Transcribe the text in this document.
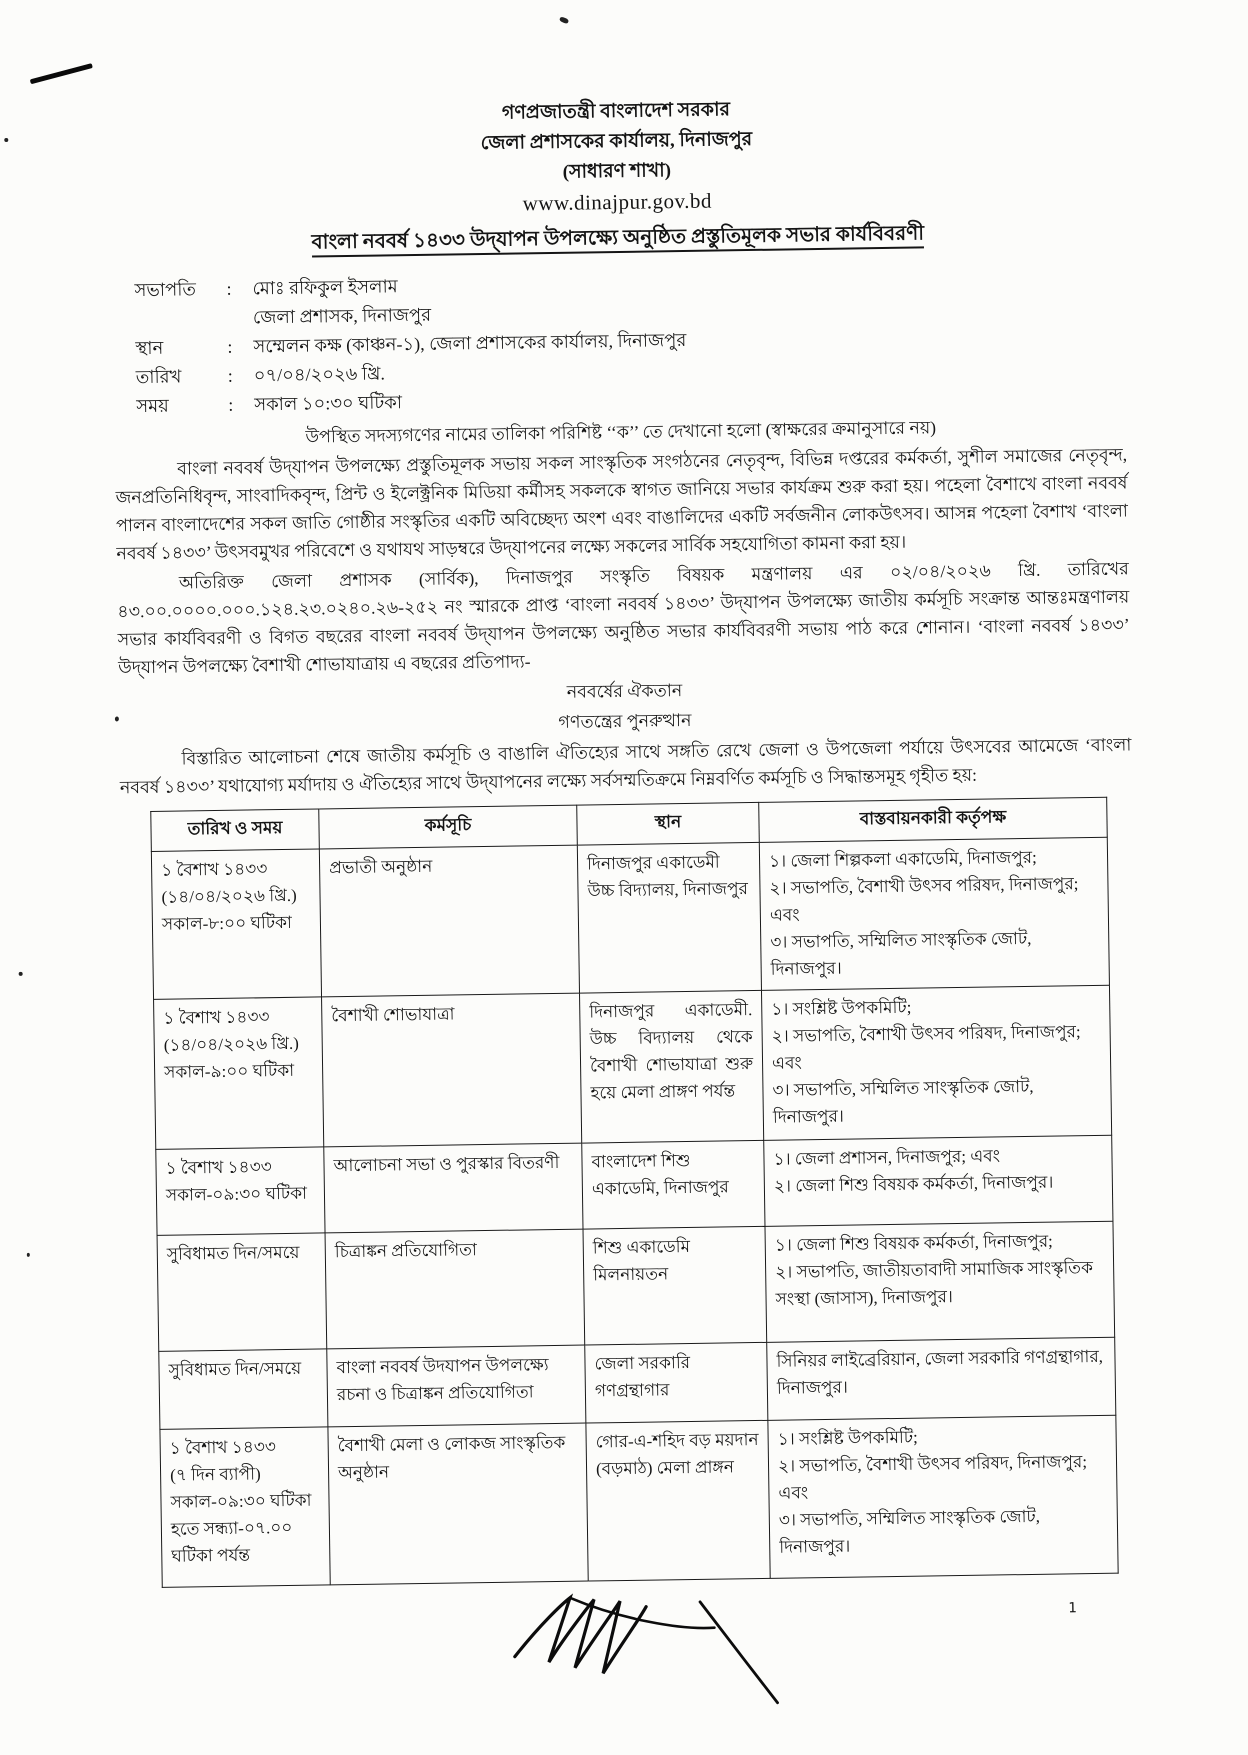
গণপ্রজাতন্ত্রী বাংলাদেশ সরকার
জেলা প্রশাসকের কার্যালয়, দিনাজপুর
(সাধারণ শাখা)
www.dinajpur.gov.bd
বাংলা নববর্ষ ১৪৩৩ উদ্‌যাপন উপলক্ষ্যে অনুষ্ঠিত প্রস্তুতিমূলক সভার কার্যবিবরণী
সভাপতি	:	মোঃ রফিকুল ইসলাম
জেলা প্রশাসক, দিনাজপুর
স্থান	:	সম্মেলন কক্ষ (কাঞ্চন-১), জেলা প্রশাসকের কার্যালয়, দিনাজপুর
তারিখ	:	০৭/০৪/২০২৬ খ্রি.
সময়	:	সকাল ১০:৩০ ঘটিকা
উপস্থিত সদস্যগণের নামের তালিকা পরিশিষ্ট ‘‘ক’’ তে দেখানো হলো (স্বাক্ষরের ক্রমানুসারে নয়)

বাংলা নববর্ষ উদ্‌যাপন উপলক্ষ্যে প্রস্তুতিমূলক সভায় সকল সাংস্কৃতিক সংগঠনের নেতৃবৃন্দ, বিভিন্ন দপ্তরের কর্মকর্তা, সুশীল সমাজের নেতৃবৃন্দ, জনপ্রতিনিধিবৃন্দ, সাংবাদিকবৃন্দ, প্রিন্ট ও ইলেক্ট্রনিক মিডিয়া কর্মীসহ সকলকে স্বাগত জানিয়ে সভার কার্যক্রম শুরু করা হয়। পহেলা বৈশাখে বাংলা নববর্ষ পালন বাংলাদেশের সকল জাতি গোষ্ঠীর সংস্কৃতির একটি অবিচ্ছেদ্য অংশ এবং বাঙালিদের একটি সর্বজনীন লোকউৎসব। আসন্ন পহেলা বৈশাখ ‘বাংলা নববর্ষ ১৪৩৩’ উৎসবমুখর পরিবেশে ও যথাযথ সাড়ম্বরে উদ্‌যাপনের লক্ষ্যে সকলের সার্বিক সহযোগিতা কামনা করা হয়।

অতিরিক্ত জেলা প্রশাসক (সার্বিক), দিনাজপুর সংস্কৃতি বিষয়ক মন্ত্রণালয় এর ০২/০৪/২০২৬ খ্রি. তারিখের ৪৩.০০.০০০০.০০০.১২৪.২৩.০২৪০.২৬-২৫২ নং স্মারকে প্রাপ্ত ‘বাংলা নববর্ষ ১৪৩৩’ উদ্‌যাপন উপলক্ষ্যে জাতীয় কর্মসূচি সংক্রান্ত আন্তঃমন্ত্রণালয় সভার কার্যবিবরণী ও বিগত বছরের বাংলা নববর্ষ উদ্‌যাপন উপলক্ষ্যে অনুষ্ঠিত সভার কার্যবিবরণী সভায় পাঠ করে শোনান। ‘বাংলা নববর্ষ ১৪৩৩’ উদ্‌যাপন উপলক্ষ্যে বৈশাখী শোভাযাত্রায় এ বছরের প্রতিপাদ্য-

নববর্ষের ঐকতান
গণতন্ত্রের পুনরুত্থান

বিস্তারিত আলোচনা শেষে জাতীয় কর্মসূচি ও বাঙালি ঐতিহ্যের সাথে সঙ্গতি রেখে জেলা ও উপজেলা পর্যায়ে উৎসবের আমেজে ‘বাংলা নববর্ষ ১৪৩৩’ যথাযোগ্য মর্যাদায় ও ঐতিহ্যের সাথে উদ্‌যাপনের লক্ষ্যে সর্বসম্মতিক্রমে নিম্নবর্ণিত কর্মসূচি ও সিদ্ধান্তসমূহ গৃহীত হয়:

তারিখ ও সময়	কর্মসূচি	স্থান	বাস্তবায়নকারী কর্তৃপক্ষ
১ বৈশাখ ১৪৩৩
(১৪/০৪/২০২৬ খ্রি.)
সকাল-৮:০০ ঘটিকা	প্রভাতী অনুষ্ঠান	দিনাজপুর একাডেমী উচ্চ বিদ্যালয়, দিনাজপুর	১। জেলা শিল্পকলা একাডেমি, দিনাজপুর;
২। সভাপতি, বৈশাখী উৎসব পরিষদ, দিনাজপুর; এবং
৩। সভাপতি, সম্মিলিত সাংস্কৃতিক জোট, দিনাজপুর।
১ বৈশাখ ১৪৩৩
(১৪/০৪/২০২৬ খ্রি.)
সকাল-৯:০০ ঘটিকা	বৈশাখী শোভাযাত্রা	দিনাজপুর একাডেমী. উচ্চ বিদ্যালয় থেকে বৈশাখী শোভাযাত্রা শুরু হয়ে মেলা প্রাঙ্গণ পর্যন্ত	১। সংশ্লিষ্ট উপকমিটি;
২। সভাপতি, বৈশাখী উৎসব পরিষদ, দিনাজপুর; এবং
৩। সভাপতি, সম্মিলিত সাংস্কৃতিক জোট, দিনাজপুর।
১ বৈশাখ ১৪৩৩
সকাল-০৯:৩০ ঘটিকা	আলোচনা সভা ও পুরস্কার বিতরণী	বাংলাদেশ শিশু একাডেমি, দিনাজপুর	১। জেলা প্রশাসন, দিনাজপুর; এবং
২। জেলা শিশু বিষয়ক কর্মকর্তা, দিনাজপুর।
সুবিধামত দিন/সময়ে	চিত্রাঙ্কন প্রতিযোগিতা	শিশু একাডেমি মিলনায়তন	১। জেলা শিশু বিষয়ক কর্মকর্তা, দিনাজপুর;
২। সভাপতি, জাতীয়তাবাদী সামাজিক সাংস্কৃতিক সংস্থা (জাসাস), দিনাজপুর।
সুবিধামত দিন/সময়ে	বাংলা নববর্ষ উদযাপন উপলক্ষ্যে রচনা ও চিত্রাঙ্কন প্রতিযোগিতা	জেলা সরকারি গণগ্রন্থাগার	সিনিয়র লাইব্রেরিয়ান, জেলা সরকারি গণগ্রন্থাগার, দিনাজপুর।
১ বৈশাখ ১৪৩৩
(৭ দিন ব্যাপী)
সকাল-০৯:৩০ ঘটিকা
হতে সন্ধ্যা-০৭.০০
ঘটিকা পর্যন্ত	বৈশাখী মেলা ও লোকজ সাংস্কৃতিক অনুষ্ঠান	গোর-এ-শহিদ বড় ময়দান (বড়মাঠ) মেলা প্রাঙ্গন	১। সংশ্লিষ্ট উপকমিটি;
২। সভাপতি, বৈশাখী উৎসব পরিষদ, দিনাজপুর; এবং
৩। সভাপতি, সম্মিলিত সাংস্কৃতিক জোট, দিনাজপুর।
1
